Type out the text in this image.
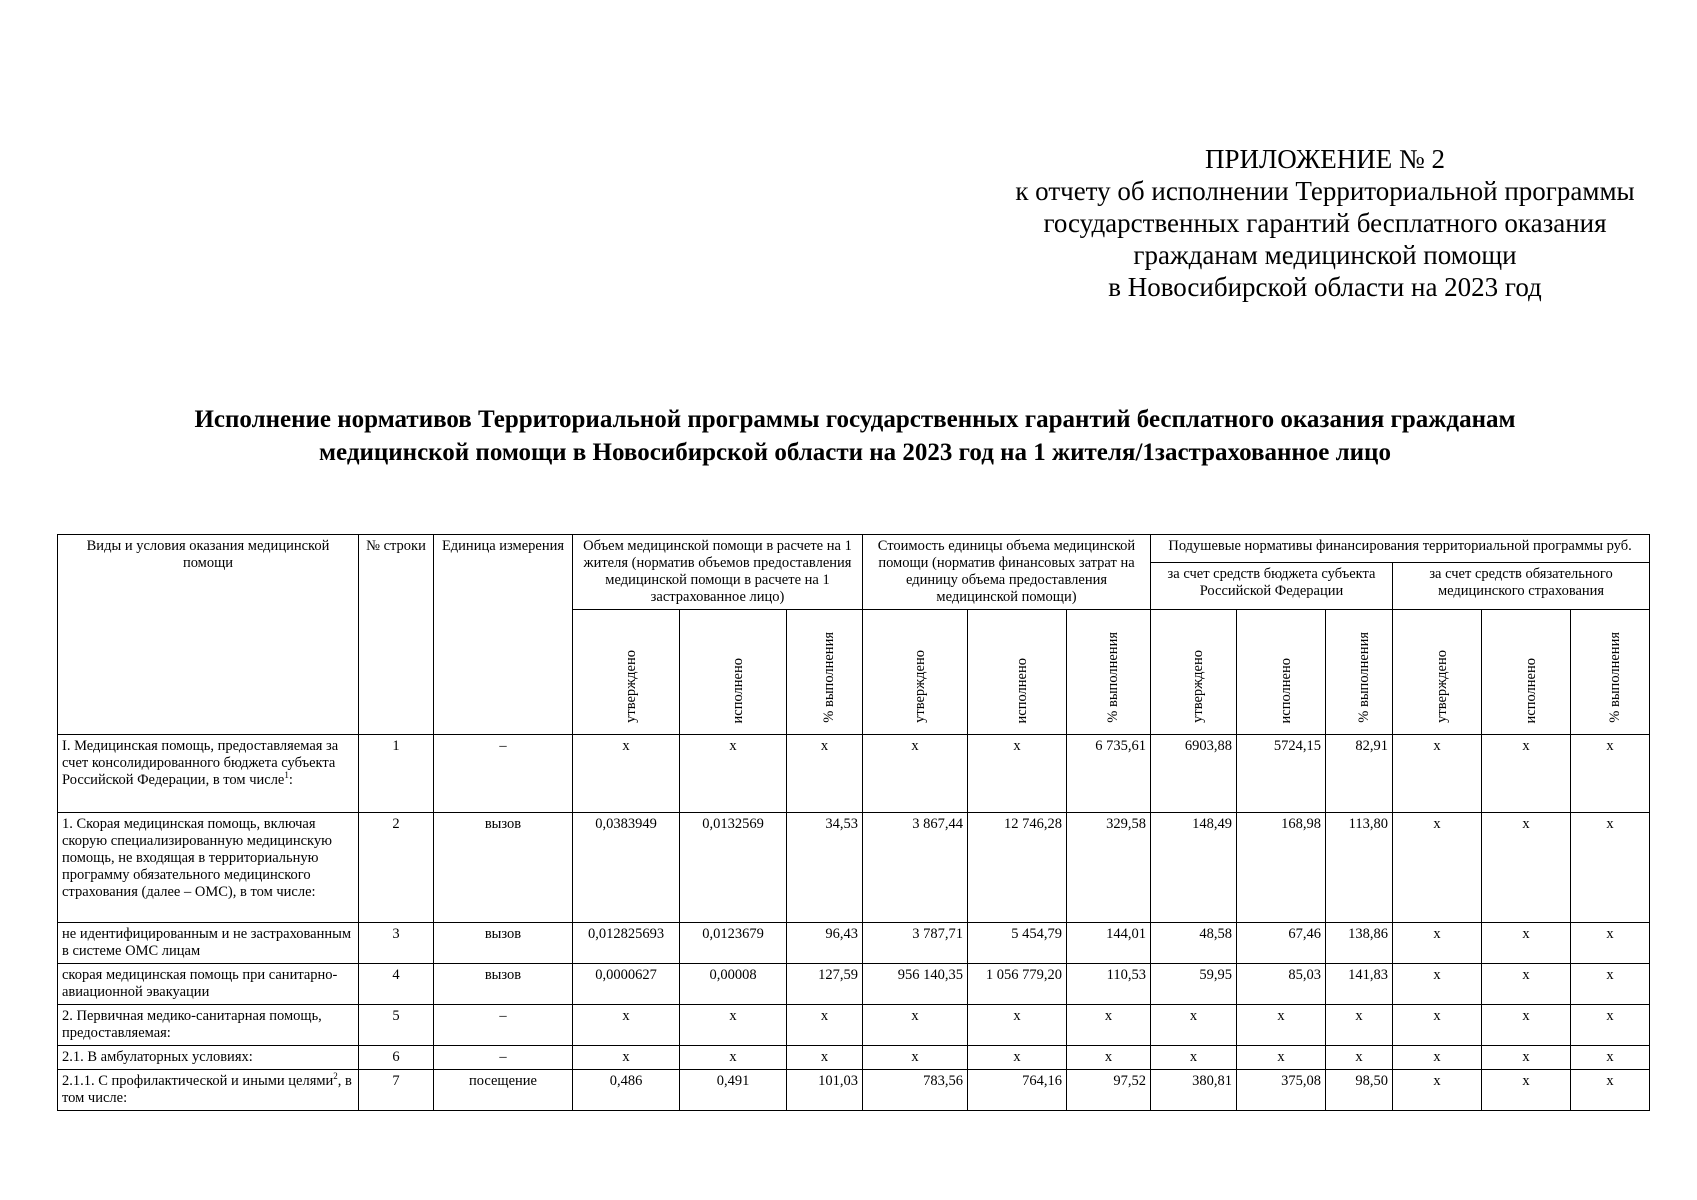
ПРИЛОЖЕНИЕ № 2
к отчету об исполнении Территориальной программы
государственных гарантий бесплатного оказания
гражданам медицинской помощи
в Новосибирской области на 2023 год
Исполнение нормативов Территориальной программы государственных гарантий бесплатного оказания гражданам
медицинской помощи в Новосибирской области на 2023 год на 1 жителя/1застрахованное лицо
Виды и условия оказания медицинской помощи	№ строки	Единица измерения	Объем медицинской помощи в расчете на 1 жителя (норматив объемов предоставления медицинской помощи в расчете на 1 застрахованное лицо)			Стоимость единицы объема медицинской помощи (норматив финансовых затрат на единицу объема предоставления медицинской помощи)			Подушевые нормативы финансирования территориальной программы руб.					
									за счет средств бюджета субъекта Российской Федерации			за счет средств обязательного медицинского страхования		
			утверждено	исполнено	% выполнения	утверждено	исполнено	% выполнения	утверждено	исполнено	% выполнения	утверждено	исполнено	% выполнения
I. Медицинская помощь, предоставляемая за счет консолидированного бюджета субъекта Российской Федерации, в том числе$^1$:	1	–	x	x	x	x	x	6 735,61	6903,88	5724,15	82,91	x	x	x
1. Скорая медицинская помощь, включая скорую специализированную медицинскую помощь, не входящая в территориальную программу обязательного медицинского страхования (далее – ОМС), в том числе:	2	вызов	0,0383949	0,0132569	34,53	3 867,44	12 746,28	329,58	148,49	168,98	113,80	x	x	x
не идентифицированным и не застрахованным в системе ОМС лицам	3	вызов	0,012825693	0,0123679	96,43	3 787,71	5 454,79	144,01	48,58	67,46	138,86	x	x	x
скорая медицинская помощь при санитарно-авиационной эвакуации	4	вызов	0,0000627	0,00008	127,59	956 140,35	1 056 779,20	110,53	59,95	85,03	141,83	x	x	x
2. Первичная медико-санитарная помощь, предоставляемая:	5	–	x	x	x	x	x	x	x	x	x	x	x	x
2.1. В амбулаторных условиях:	6	–	x	x	x	x	x	x	x	x	x	x	x	x
2.1.1. С профилактической и иными целями$^2$, в том числе:	7	посещение	0,486	0,491	101,03	783,56	764,16	97,52	380,81	375,08	98,50	x	x	x
